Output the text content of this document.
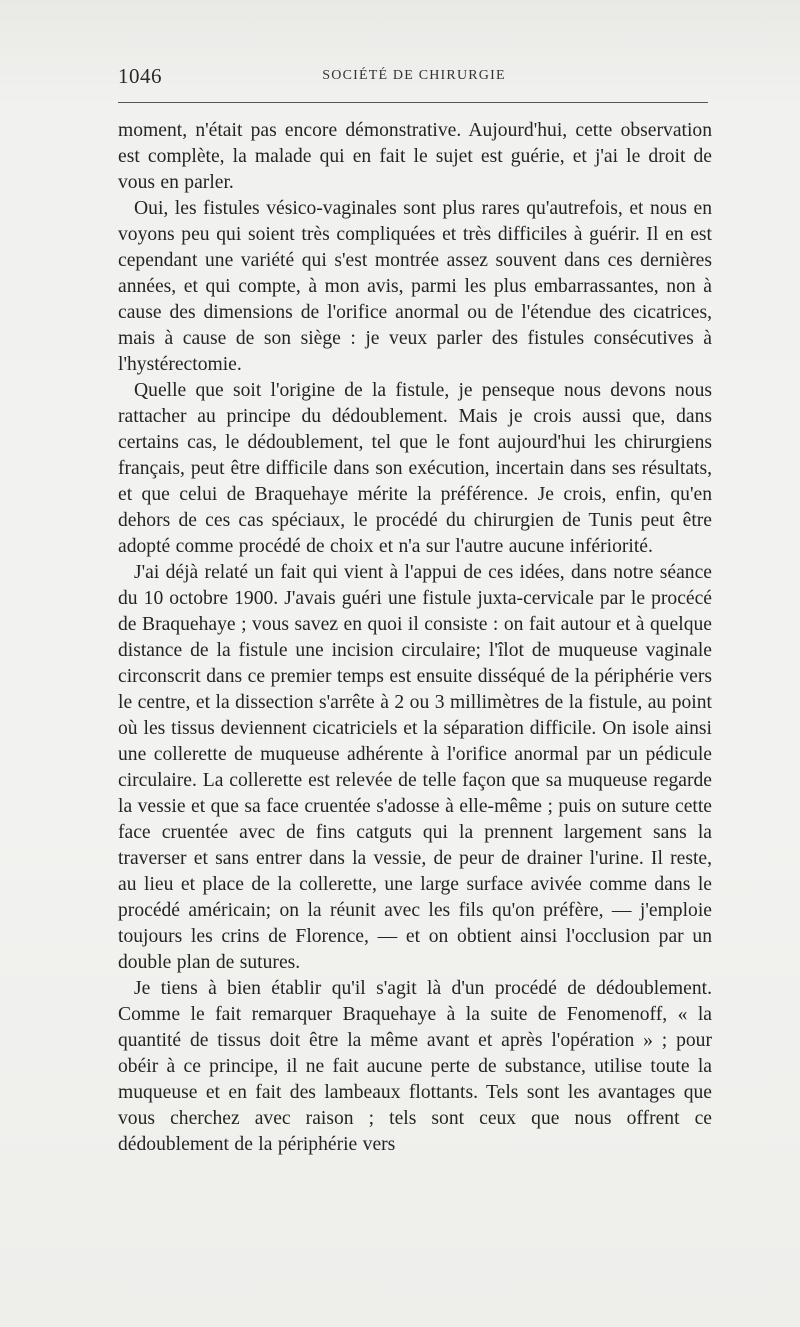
1046	SOCIÉTÉ DE CHIRURGIE

moment, n'était pas encore démonstrative. Aujourd'hui, cette observation est complète, la malade qui en fait le sujet est guérie, et j'ai le droit de vous en parler.

Oui, les fistules vésico-vaginales sont plus rares qu'autrefois, et nous en voyons peu qui soient très compliquées et très difficiles à guérir. Il en est cependant une variété qui s'est montrée assez souvent dans ces dernières années, et qui compte, à mon avis, parmi les plus embarrassantes, non à cause des dimensions de l'orifice anormal ou de l'étendue des cicatrices, mais à cause de son siège : je veux parler des fistules consécutives à l'hystérectomie.

Quelle que soit l'origine de la fistule, je penseque nous devons nous rattacher au principe du dédoublement. Mais je crois aussi que, dans certains cas, le dédoublement, tel que le font aujourd'hui les chirurgiens français, peut être difficile dans son exécution, incertain dans ses résultats, et que celui de Braquehaye mérite la préférence. Je crois, enfin, qu'en dehors de ces cas spéciaux, le procédé du chirurgien de Tunis peut être adopté comme procédé de choix et n'a sur l'autre aucune infériorité.

J'ai déjà relaté un fait qui vient à l'appui de ces idées, dans notre séance du 10 octobre 1900. J'avais guéri une fistule juxta-cervicale par le procécé de Braquehaye ; vous savez en quoi il consiste : on fait autour et à quelque distance de la fistule une incision circulaire; l'îlot de muqueuse vaginale circonscrit dans ce premier temps est ensuite disséqué de la périphérie vers le centre, et la dissection s'arrête à 2 ou 3 millimètres de la fistule, au point où les tissus deviennent cicatriciels et la séparation difficile. On isole ainsi une collerette de muqueuse adhérente à l'orifice anormal par un pédicule circulaire. La collerette est relevée de telle façon que sa muqueuse regarde la vessie et que sa face cruentée s'adosse à elle-même ; puis on suture cette face cruentée avec de fins catguts qui la prennent largement sans la traverser et sans entrer dans la vessie, de peur de drainer l'urine. Il reste, au lieu et place de la collerette, une large surface avivée comme dans le procédé américain; on la réunit avec les fils qu'on préfère, — j'emploie toujours les crins de Florence, — et on obtient ainsi l'occlusion par un double plan de sutures.

Je tiens à bien établir qu'il s'agit là d'un procédé de dédoublement. Comme le fait remarquer Braquehaye à la suite de Fenomenoff, « la quantité de tissus doit être la même avant et après l'opération » ; pour obéir à ce principe, il ne fait aucune perte de substance, utilise toute la muqueuse et en fait des lambeaux flottants. Tels sont les avantages que vous cherchez avec raison ; tels sont ceux que nous offrent ce dédoublement de la périphérie vers
